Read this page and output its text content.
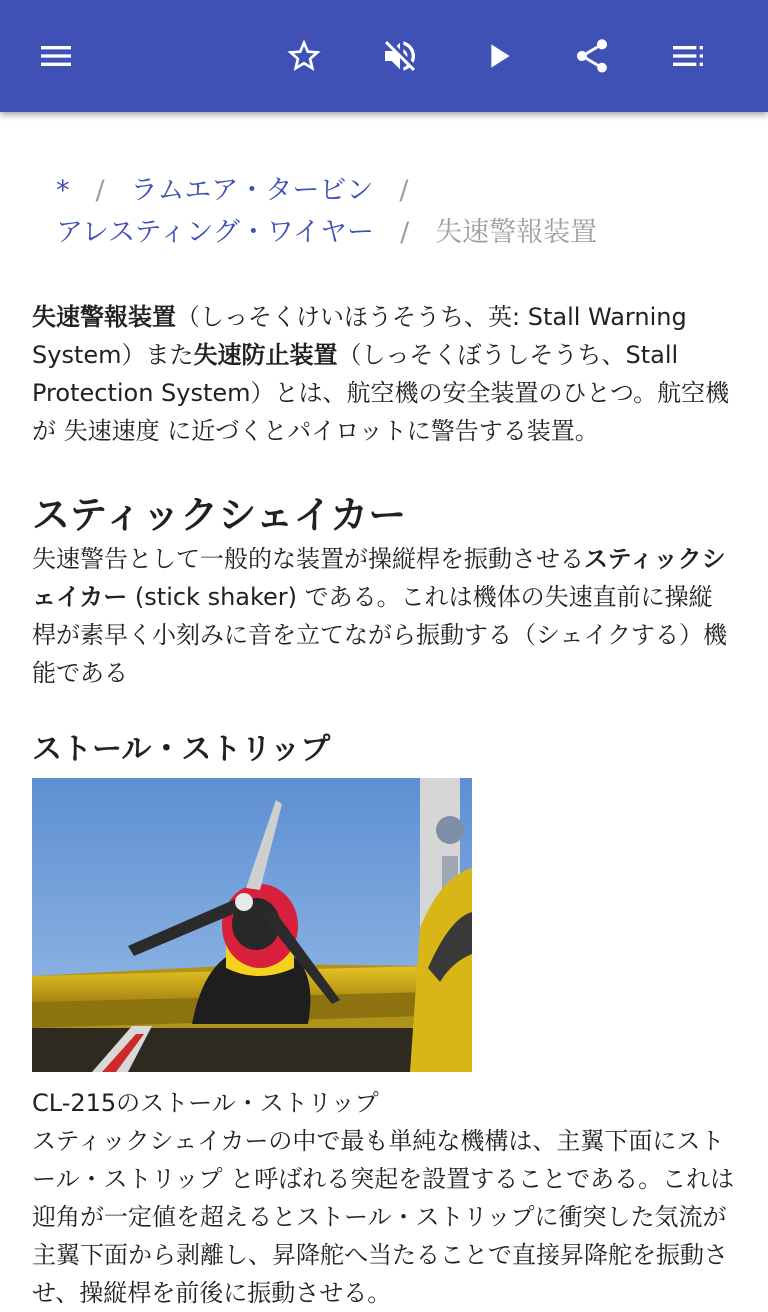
* / ラムエア・タービン /
アレスティング・ワイヤー / 失速警報装置

失速警報装置（しっそくけいほうそうち、英: Stall Warning System）また失速防止装置（しっそくぼうしそうち、Stall Protection System）とは、航空機の安全装置のひとつ。航空機が 失速速度 に近づくとパイロットに警告する装置。

スティックシェイカー

失速警告として一般的な装置が操縦桿を振動させるスティックシェイカー (stick shaker) である。これは機体の失速直前に操縦桿が素早く小刻みに音を立てながら振動する（シェイクする）機能である

ストール・ストリップ

CL-215のストール・ストリップ

スティックシェイカーの中で最も単純な機構は、主翼下面にストール・ストリップ と呼ばれる突起を設置することである。これは迎角が一定値を超えるとストール・ストリップに衝突した気流が主翼下面から剥離し、昇降舵へ当たることで直接昇降舵を振動させ、操縦桿を前後に振動させる。
